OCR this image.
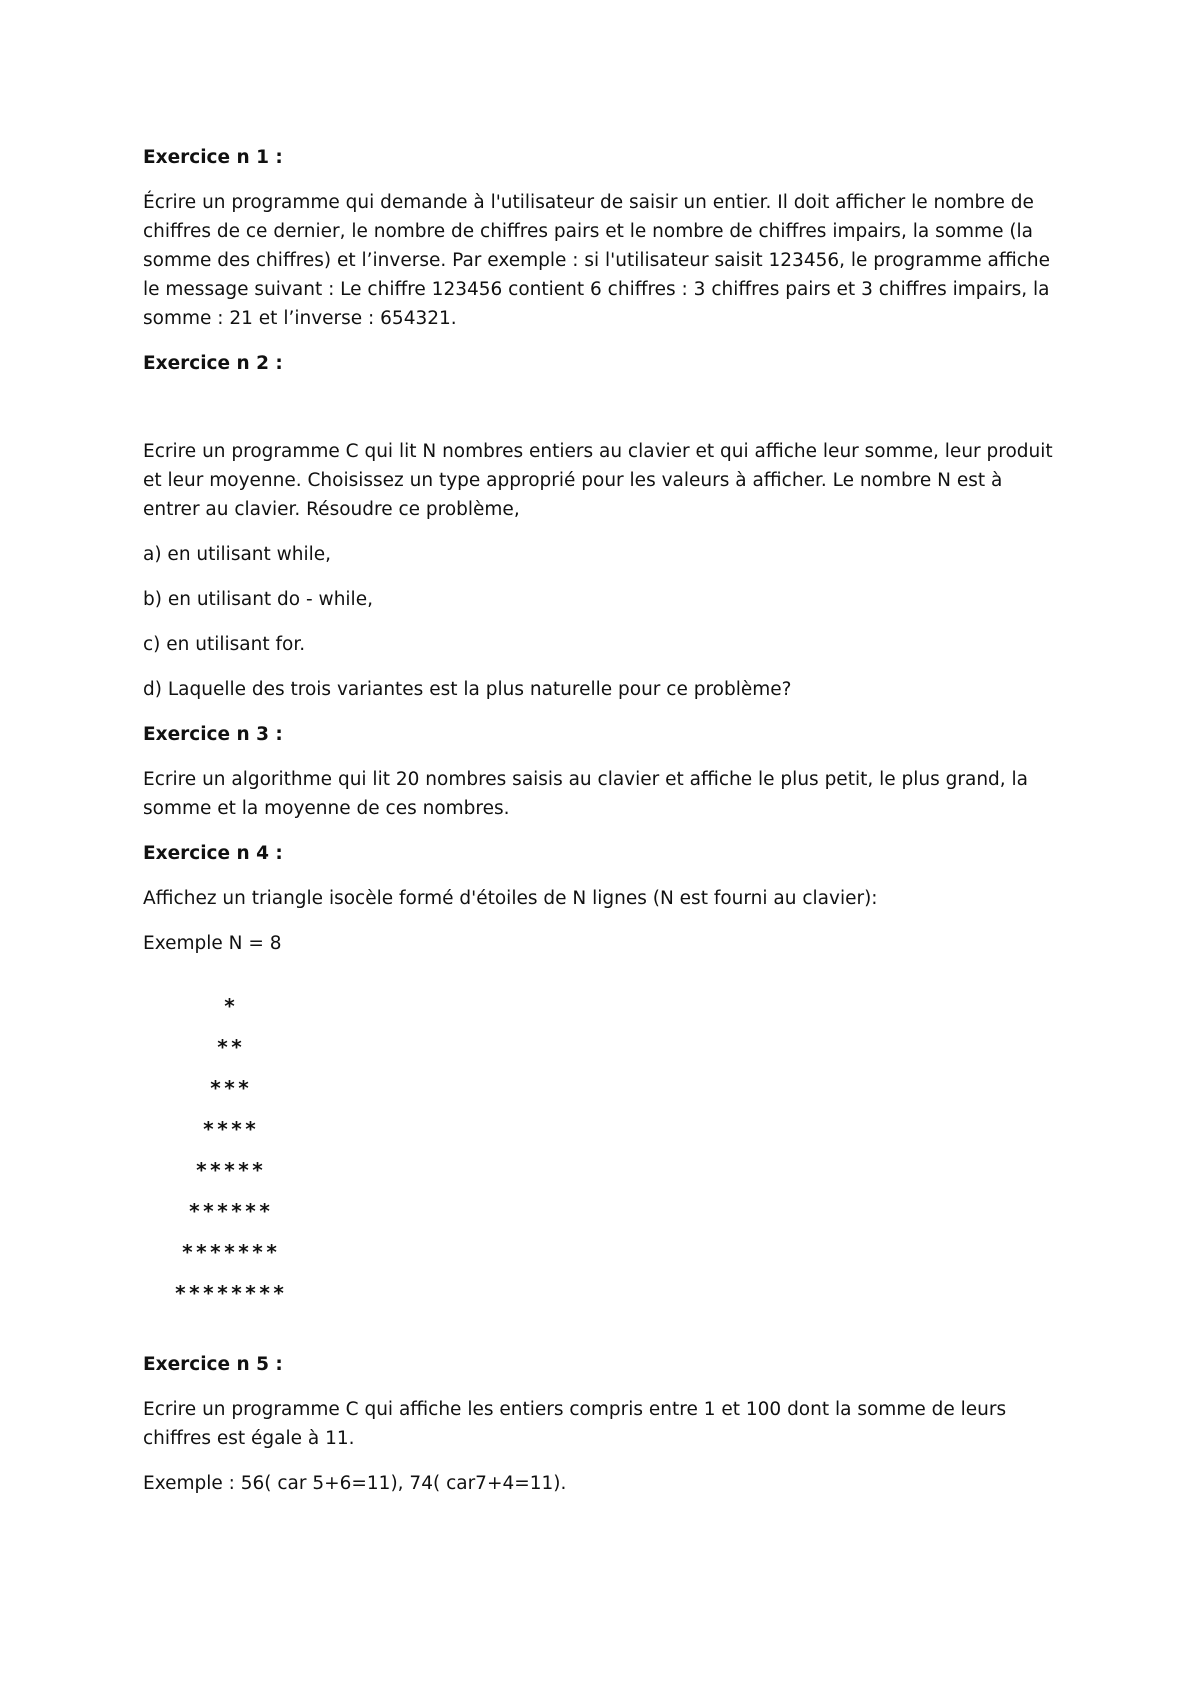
Exercice n 1 :

Écrire un programme qui demande à l'utilisateur de saisir un entier. Il doit afficher le nombre de chiffres de ce dernier, le nombre de chiffres pairs et le nombre de chiffres impairs, la somme (la somme des chiffres) et l’inverse. Par exemple : si l'utilisateur saisit 123456, le programme affiche le message suivant : Le chiffre 123456 contient 6 chiffres : 3 chiffres pairs et 3 chiffres impairs, la somme : 21 et l’inverse : 654321.

Exercice n 2 :

Ecrire un programme C qui lit N nombres entiers au clavier et qui affiche leur somme, leur produit et leur moyenne. Choisissez un type approprié pour les valeurs à afficher. Le nombre N est à entrer au clavier. Résoudre ce problème,

a) en utilisant while,

b) en utilisant do - while,

c) en utilisant for.

d) Laquelle des trois variantes est la plus naturelle pour ce problème?

Exercice n 3 :

Ecrire un algorithme qui lit 20 nombres saisis au clavier et affiche le plus petit, le plus grand, la somme et la moyenne de ces nombres.

Exercice n 4 :

Affichez un triangle isocèle formé d'étoiles de N lignes (N est fourni au clavier):

Exemple N = 8

*
**
***
****
*****
******
*******
********

Exercice n 5 :

Ecrire un programme C qui affiche les entiers compris entre 1 et 100 dont la somme de leurs chiffres est égale à 11.

Exemple : 56( car 5+6=11), 74( car7+4=11).
